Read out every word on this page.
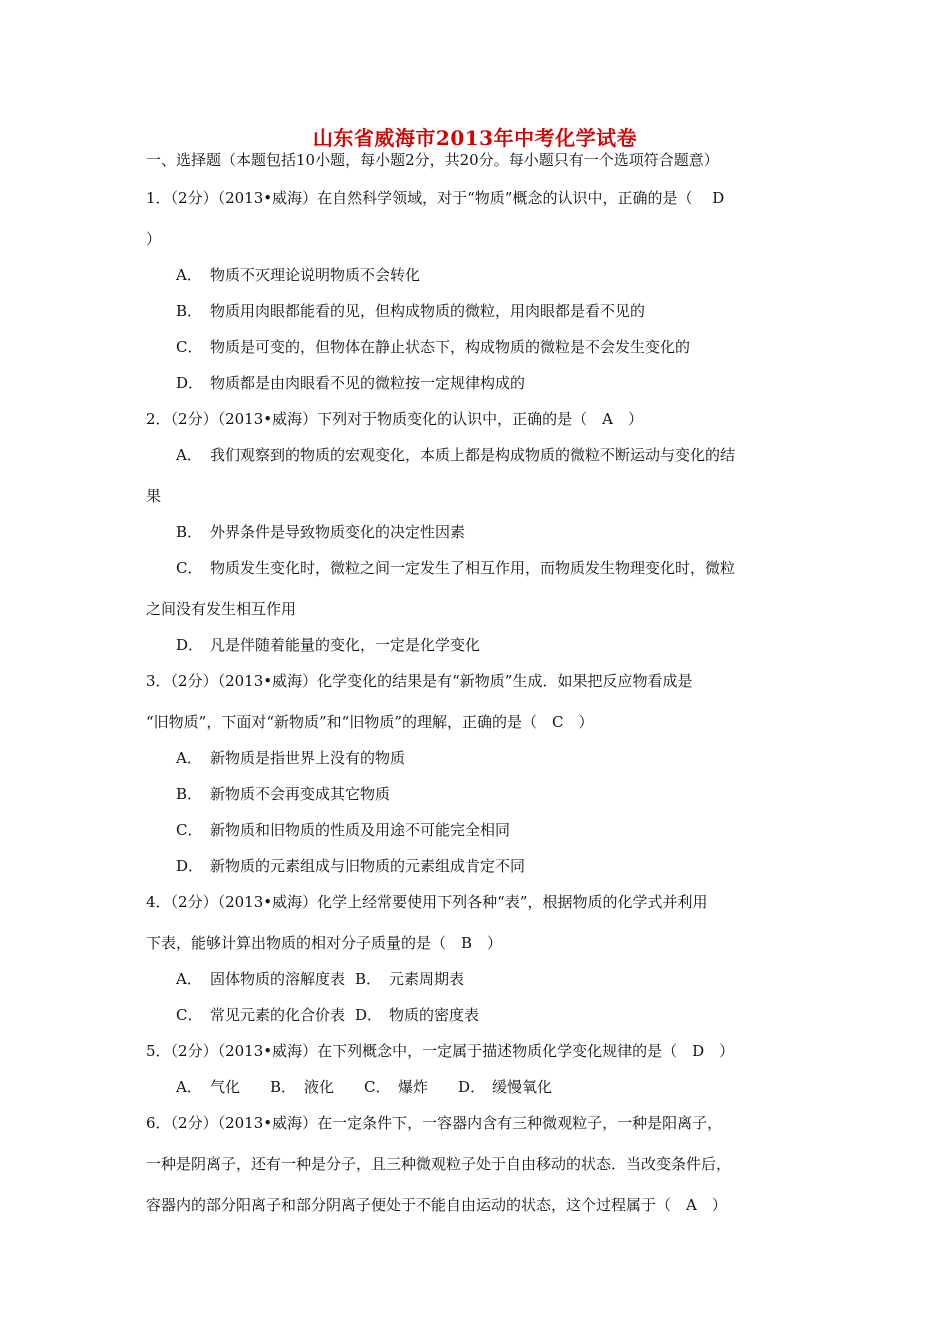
山东省威海市2013年中考化学试卷
一、选择题（本题包括10小题，每小题2分，共20分。每小题只有一个选项符合题意）
1．（2分）（2013•威海）在自然科学领域，对于“物质”概念的认识中，正确的是（　 D
）
A． 物质不灭理论说明物质不会转化
B． 物质用肉眼都能看的见，但构成物质的微粒，用肉眼都是看不见的
C． 物质是可变的，但物体在静止状态下，构成物质的微粒是不会发生变化的
D． 物质都是由肉眼看不见的微粒按一定规律构成的
2．（2分）（2013•威海）下列对于物质变化的认识中，正确的是（　A　）
A． 我们观察到的物质的宏观变化，本质上都是构成物质的微粒不断运动与变化的结
果
B． 外界条件是导致物质变化的决定性因素
C． 物质发生变化时，微粒之间一定发生了相互作用，而物质发生物理变化时，微粒
之间没有发生相互作用
D． 凡是伴随着能量的变化，一定是化学变化
3．（2分）（2013•威海）化学变化的结果是有“新物质”生成．如果把反应物看成是
“旧物质”，下面对“新物质”和“旧物质”的理解，正确的是（　C　）
A． 新物质是指世界上没有的物质
B． 新物质不会再变成其它物质
C． 新物质和旧物质的性质及用途不可能完全相同
D． 新物质的元素组成与旧物质的元素组成肯定不同
4．（2分）（2013•威海）化学上经常要使用下列各种“表”，根据物质的化学式并利用
下表，能够计算出物质的相对分子质量的是（　B　）
A． 固体物质的溶解度表 B． 元素周期表
C． 常见元素的化合价表 D． 物质的密度表
5．（2分）（2013•威海）在下列概念中，一定属于描述物质化学变化规律的是（　D　）
A． 气化 B． 液化 C． 爆炸 D． 缓慢氧化
6．（2分）（2013•威海）在一定条件下，一容器内含有三种微观粒子，一种是阳离子，
一种是阴离子，还有一种是分子，且三种微观粒子处于自由移动的状态．当改变条件后，
容器内的部分阳离子和部分阴离子便处于不能自由运动的状态，这个过程属于（　A　）
